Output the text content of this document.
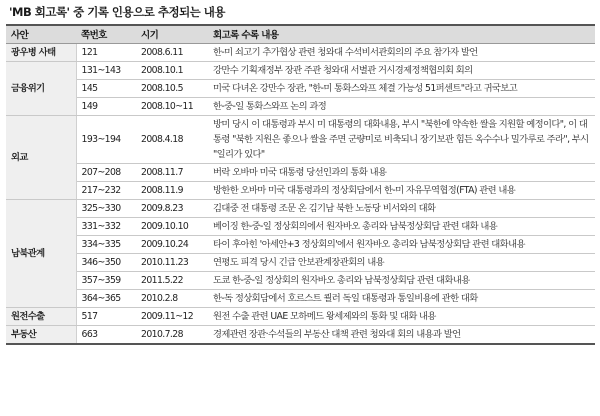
'MB 회고록' 중 기록 인용으로 추정되는 내용
사안	쪽번호	시기	회고록 수록 내용
광우병 사태	121	2008.6.11	한-미 쇠고기 추가협상 관련 청와대 수석비서관회의의 주요 참가자 발언
금융위기	131~143	2008.10.1	강만수 기획재정부 장관 주관 청와대 서별관 거시경제정책협의회 회의
	145	2008.10.5	미국 다녀온 강만수 장관, "한-미 통화스와프 체결 가능성 51퍼센트"라고 귀국보고
	149	2008.10~11	한-중-일 통화스와프 논의 과정
외교	193~194	2008.4.18	방미 당시 이 대통령과 부시 미 대통령의 대화내용, 부시 "북한에 약속한 쌀을 지원할 예정이다", 이 대통령 "북한 지원은 좋으나 쌀을 주면 군량미로 비축되니 장기보관 힘든 옥수수나 밀가루로 주라", 부시 "일리가 있다"
	207~208	2008.11.7	버락 오바마 미국 대통령 당선인과의 통화 내용
	217~232	2008.11.9	방한한 오바마 미국 대통령과의 정상회담에서 한-미 자유무역협정(FTA) 관련 내용
남북관계	325~330	2009.8.23	김대중 전 대통령 조문 온 김기남 북한 노동당 비서와의 대화
	331~332	2009.10.10	베이징 한-중-일 정상회의에서 원자바오 총리와 남북정상회담 관련 대화 내용
	334~335	2009.10.24	타이 후아힌 '아세안+3 정상회의'에서 원자바오 총리와 남북정상회담 관련 대화내용
	346~350	2010.11.23	연평도 피격 당시 긴급 안보관계장관회의 내용
	357~359	2011.5.22	도쿄 한-중-일 정상회의 원자바오 총리와 남북정상회담 관련 대화내용
	364~365	2010.2.8	한-독 정상회담에서 호르스트 쾰러 독일 대통령과 통일비용에 관한 대화
원전수출	517	2009.11~12	원전 수출 관련 UAE 모하메드 왕세제와의 통화 및 대화 내용
부동산	663	2010.7.28	경제관련 장관·수석들의 부동산 대책 관련 청와대 회의 내용과 발언
